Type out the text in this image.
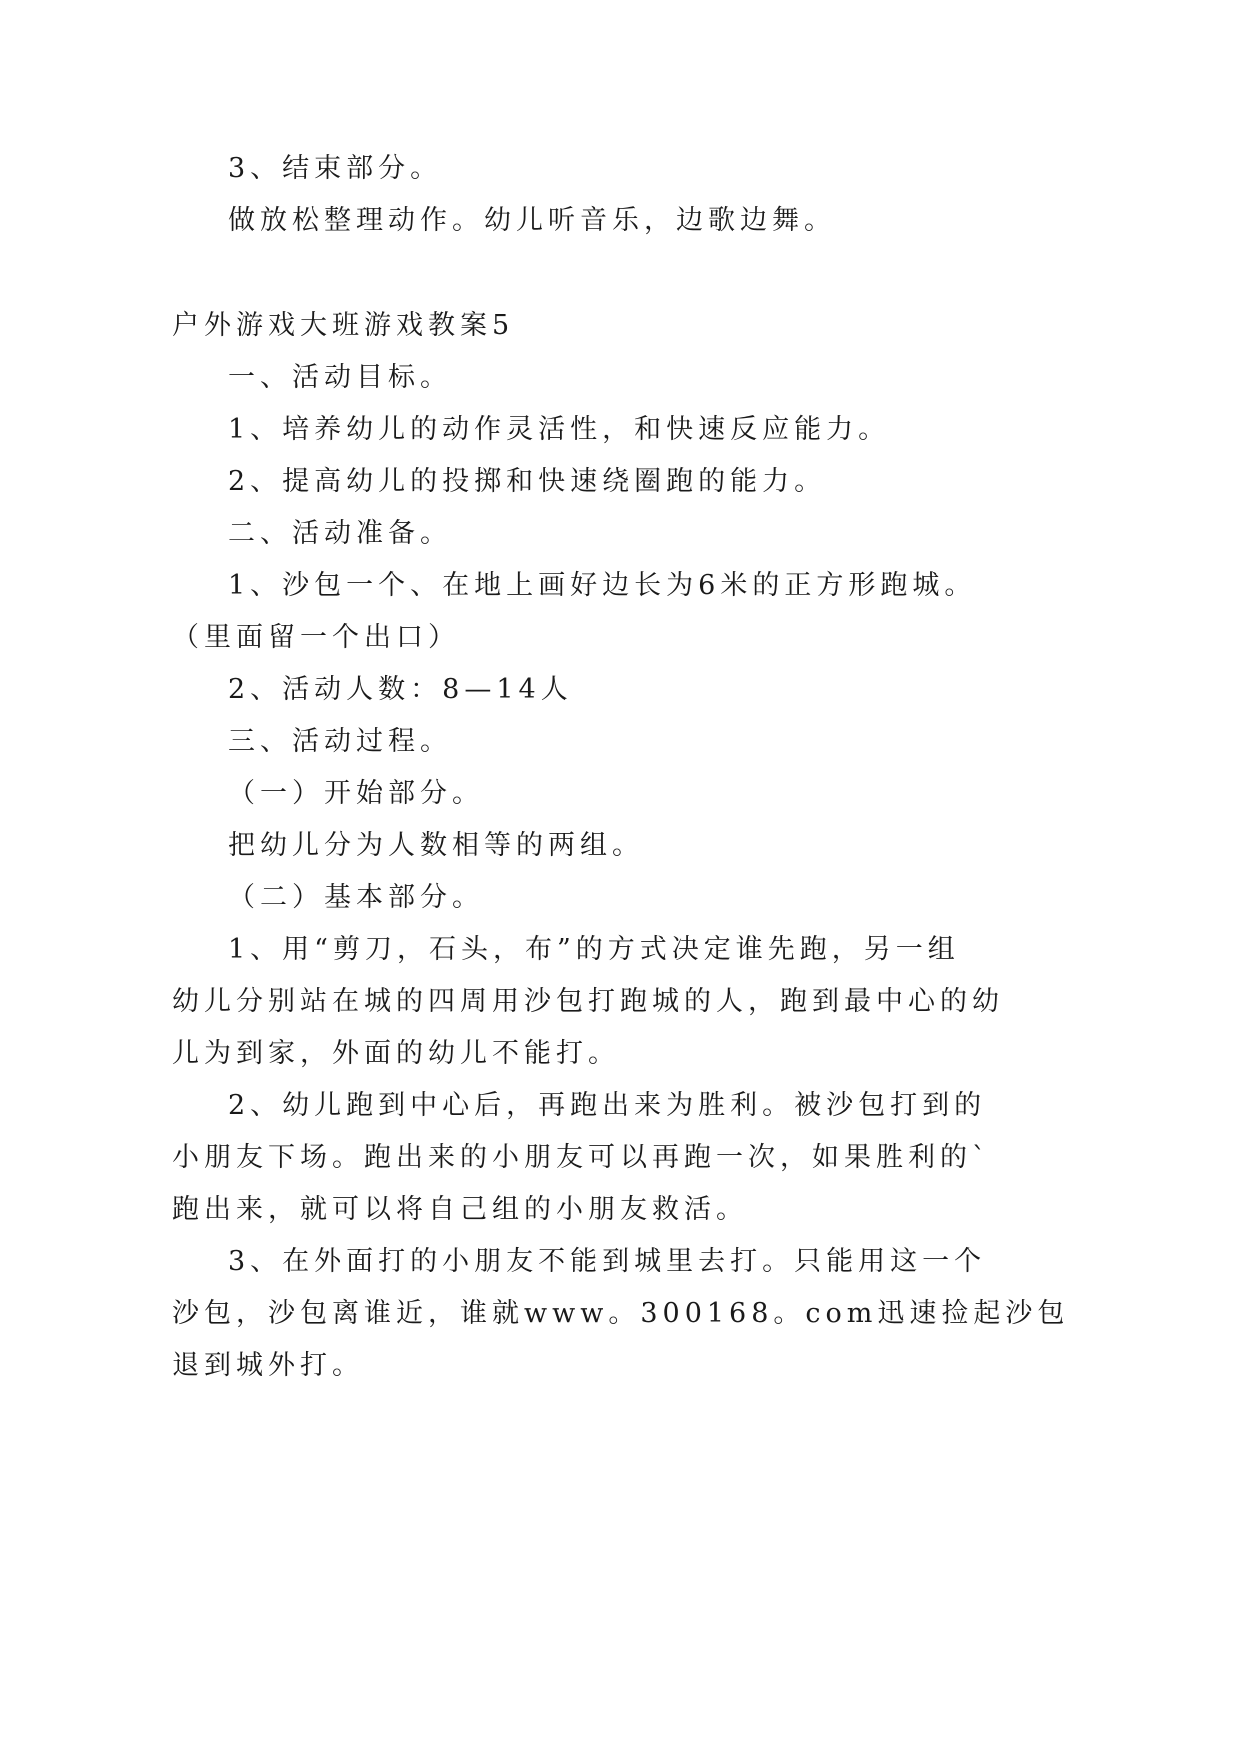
3、结束部分。
做放松整理动作。幼儿听音乐，边歌边舞。
户外游戏大班游戏教案5
一、活动目标。
1、培养幼儿的动作灵活性，和快速反应能力。
2、提高幼儿的投掷和快速绕圈跑的能力。
二、活动准备。
1、沙包一个、在地上画好边长为6米的正方形跑城。
（里面留一个出口）
2、活动人数：8—14人
三、活动过程。
（一）开始部分。
把幼儿分为人数相等的两组。
（二）基本部分。
1、用“剪刀，石头，布”的方式决定谁先跑，另一组
幼儿分别站在城的四周用沙包打跑城的人，跑到最中心的幼
儿为到家，外面的幼儿不能打。
2、幼儿跑到中心后，再跑出来为胜利。被沙包打到的
小朋友下场。跑出来的小朋友可以再跑一次，如果胜利的`
跑出来，就可以将自己组的小朋友救活。
3、在外面打的小朋友不能到城里去打。只能用这一个
沙包，沙包离谁近，谁就www。300168。com迅速捡起沙包
退到城外打。
